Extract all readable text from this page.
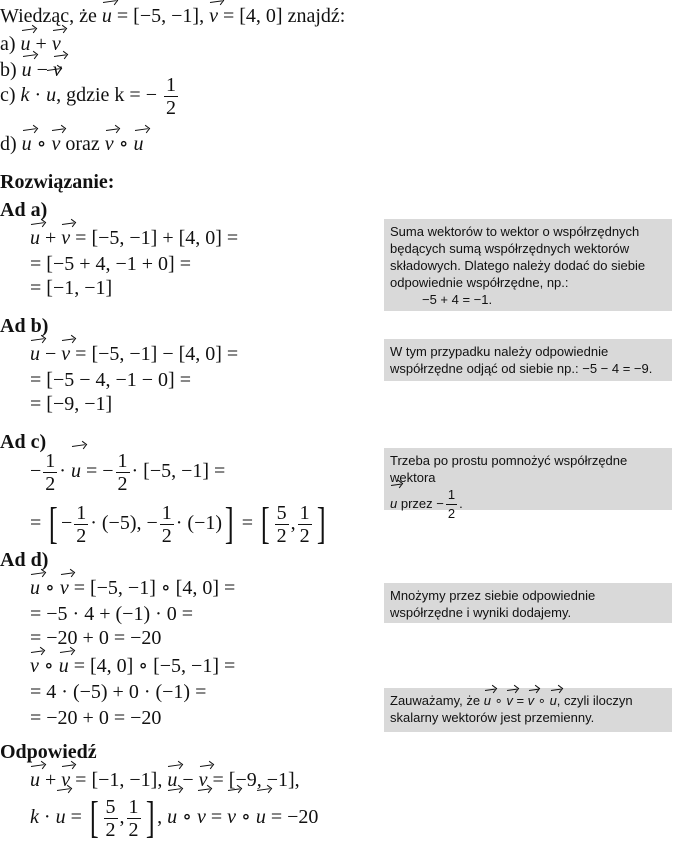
Wiedząc, że u = [−5, −1], v = [4, 0] znajdź:
a) u + v
b) u − v
c) k · u, gdzie k = − $\frac{1}{2}$
d) u ∘ v oraz v ∘ u
Rozwiązanie:
Ad a)
u + v = [−5, −1] + [4, 0] =
= [−5 + 4, −1 + 0] =
= [−1, −1]

Suma wektorów to wektor o współrzędnych będących sumą współrzędnych wektorów składowych. Dlatego należy dodać do siebie odpowiednie współrzędne, np.:

−5 + 4 = −1.

Ad b)
u − v = [−5, −1] − [4, 0] =
= [−5 − 4, −1 − 0] =
= [−9, −1]

W tym przypadku należy odpowiednie współrzędne odjąć od siebie np.: −5 − 4 = −9.

Ad c)
− $\frac{1}{2} \cdot u$ = − $\frac{1}{2} \cdot [-5$, −1] =
= [ − $\frac{1}{2} \cdot (-5)$, − $\frac{1}{2} \cdot (-1)$] = [ $\frac{5}{2}$ , $\frac{1}{2}$ ]

Trzeba po prostu pomnożyć współrzędne wektora

u przez − $\frac{1}{2}$ .

Ad d)
u ∘ v = [−5, −1] ∘ [4, 0] =
= −5 · 4 + (−1) · 0 =
= −20 + 0 = −20
v ∘ u = [4, 0] ∘ [−5, −1] =
= 4 · (−5) + 0 · (−1) =
= −20 + 0 = −20

Mnożymy przez siebie odpowiednie współrzędne i wyniki dodajemy.

Zauważamy, że u ∘ v = v ∘ u, czyli iloczyn skalarny wektorów jest przemienny.

Odpowiedź
u + v = [−1, −1], u − v = [−9, −1],
k · u = [ $\frac{5}{2}$ , $\frac{1}{2}$ ] , u ∘ v = v ∘ u = −20
